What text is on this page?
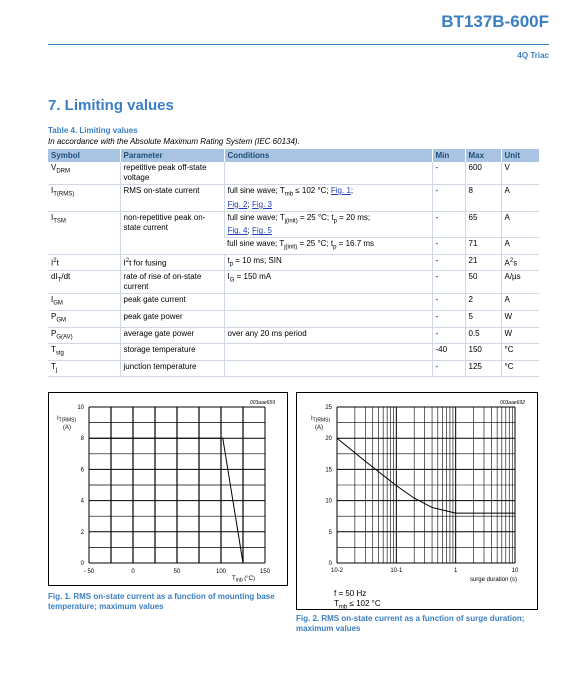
BT137B-600F
4Q Triac
7. Limiting values
Table 4. Limiting values
In accordance with the Absolute Maximum Rating System (IEC 60134).
Symbol	Parameter	Conditions	Min	Max	Unit
$V_{DRM}$	repetitive peak off-state voltage		-	600	V
$I_{T(RMS)}$	RMS on-state current	full sine wave; $T_{mb} \le 102$ °C; Fig. 1;
Fig. 2; Fig. 3	-	8	A
$I_{TSM}$	non-repetitive peak on-state current	full sine wave; $T_{j(init)} = 25$ °C; $t_p = 20$ ms;
Fig. 4; Fig. 5	-	65	A
		full sine wave; $T_{j(init)} = 25$ °C; $t_p = 16.7$ ms	-	71	A
$I^2t$	$I^2t$ for fusing	$t_p = 10$ ms; SIN	-	21	$A^2s$
$dI_T/dt$	rate of rise of on-state current	$I_G = 150$ mA	-	50	A/µs
$I_{GM}$	peak gate current		-	2	A
$P_{GM}$	peak gate power		-	5	W
$P_{G(AV)}$	average gate power	over any 20 ms period	-	0.5	W
$T_{stg}$	storage temperature		-40	150	°C
$T_j$	junction temperature		-	125	°C
003aae659
$I_{T(RMS)}$
(A)
$T_{mb}$ (°C)
- 50	0	50	100	150
0
2
4
6
8
10
Fig. 1. RMS on-state current as a function of mounting base temperature; maximum values
003aae692
$I_{T(RMS)}$
(A)
surge duration (s)
10-2	10-1	1	10
0
5
10
15
20
25
f = 50 Hz
$T_{mb} \le 102$ °C
Fig. 2. RMS on-state current as a function of surge duration; maximum values
